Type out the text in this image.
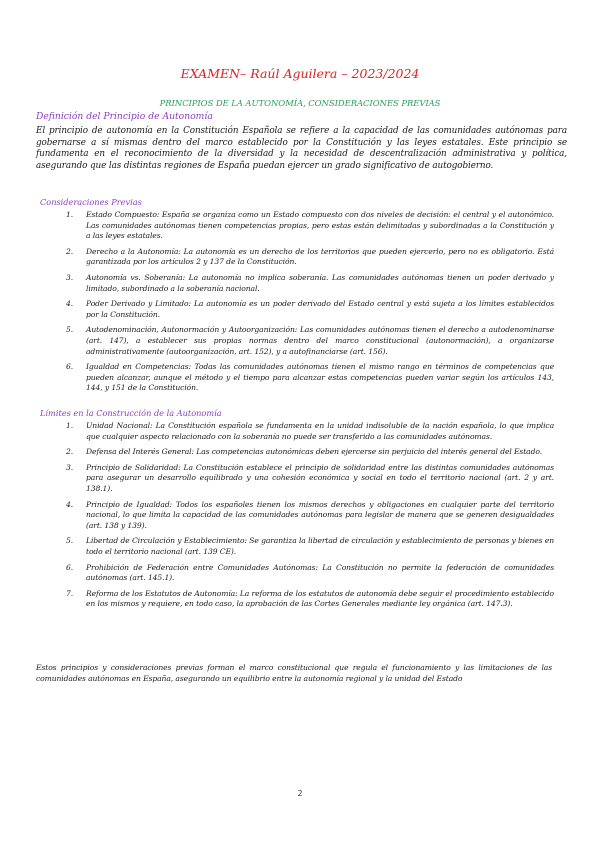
EXAMEN– Raúl Aguilera – 2023/2024

PRINCIPIOS DE LA AUTONOMÍA, CONSIDERACIONES PREVIAS

Definición del Principio de Autonomía

El principio de autonomía en la Constitución Española se refiere a la capacidad de las comunidades autónomas para gobernarse a sí mismas dentro del marco establecido por la Constitución y las leyes estatales. Este principio se fundamenta en el reconocimiento de la diversidad y la necesidad de descentralización administrativa y política, asegurando que las distintas regiones de España puedan ejercer un grado significativo de autogobierno.

Consideraciones Previas

1. Estado Compuesto: España se organiza como un Estado compuesto con dos niveles de decisión: el central y el autonómico. Las comunidades autónomas tienen competencias propias, pero estas están delimitadas y subordinadas a la Constitución y a las leyes estatales.
2. Derecho a la Autonomía: La autonomía es un derecho de los territorios que pueden ejercerlo, pero no es obligatorio. Está garantizada por los artículos 2 y 137 de la Constitución.
3. Autonomía vs. Soberanía: La autonomía no implica soberanía. Las comunidades autónomas tienen un poder derivado y limitado, subordinado a la soberanía nacional.
4. Poder Derivado y Limitado: La autonomía es un poder derivado del Estado central y está sujeta a los límites establecidos por la Constitución.
5. Autodenominación, Autonormación y Autoorganización: Las comunidades autónomas tienen el derecho a autodenominarse (art. 147), a establecer sus propias normas dentro del marco constitucional (autonormación), a organizarse administrativamente (autoorganización, art. 152), y a autofinanciarse (art. 156).
6. Igualdad en Competencias: Todas las comunidades autónomas tienen el mismo rango en términos de competencias que pueden alcanzar, aunque el método y el tiempo para alcanzar estas competencias pueden variar según los artículos 143, 144, y 151 de la Constitución.

Límites en la Construcción de la Autonomía

1. Unidad Nacional: La Constitución española se fundamenta en la unidad indisoluble de la nación española, lo que implica que cualquier aspecto relacionado con la soberanía no puede ser transferido a las comunidades autónomas.
2. Defensa del Interés General: Las competencias autonómicas deben ejercerse sin perjuicio del interés general del Estado.
3. Principio de Solidaridad: La Constitución establece el principio de solidaridad entre las distintas comunidades autónomas para asegurar un desarrollo equilibrado y una cohesión económica y social en todo el territorio nacional (art. 2 y art. 138.1).
4. Principio de Igualdad: Todos los españoles tienen los mismos derechos y obligaciones en cualquier parte del territorio nacional, lo que limita la capacidad de las comunidades autónomas para legislar de manera que se generen desigualdades (art. 138 y 139).
5. Libertad de Circulación y Establecimiento: Se garantiza la libertad de circulación y establecimiento de personas y bienes en todo el territorio nacional (art. 139 CE).
6. Prohibición de Federación entre Comunidades Autónomas: La Constitución no permite la federación de comunidades autónomas (art. 145.1).
7. Reforma de los Estatutos de Autonomía: La reforma de los estatutos de autonomía debe seguir el procedimiento establecido en los mismos y requiere, en todo caso, la aprobación de las Cortes Generales mediante ley orgánica (art. 147.3).

Estos principios y consideraciones previas forman el marco constitucional que regula el funcionamiento y las limitaciones de las comunidades autónomas en España, asegurando un equilibrio entre la autonomía regional y la unidad del Estado

2
